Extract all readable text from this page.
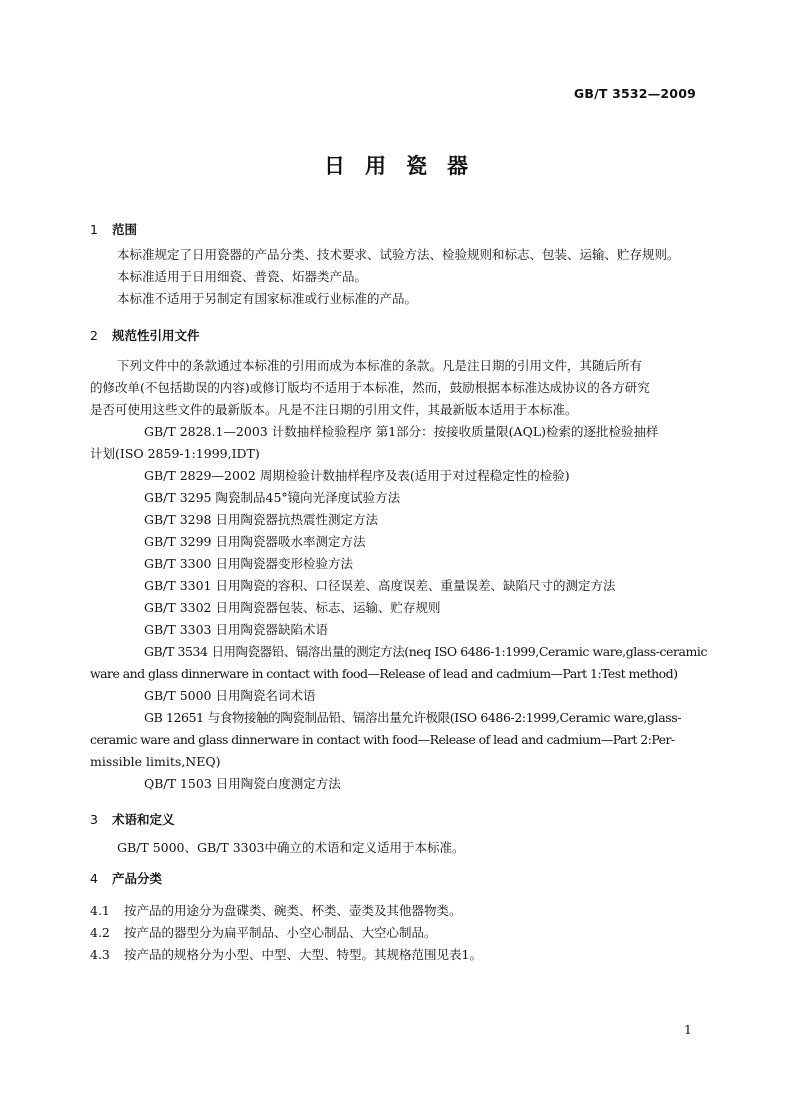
GB/T 3532—2009
日用瓷器
1 范围
本标准规定了日用瓷器的产品分类、技术要求、试验方法、检验规则和标志、包装、运输、贮存规则。
本标准适用于日用细瓷、普瓷、炻器类产品。
本标准不适用于另制定有国家标准或行业标准的产品。
2 规范性引用文件
下列文件中的条款通过本标准的引用而成为本标准的条款。凡是注日期的引用文件，其随后所有
的修改单(不包括勘误的内容)或修订版均不适用于本标准，然而，鼓励根据本标准达成协议的各方研究
是否可使用这些文件的最新版本。凡是不注日期的引用文件，其最新版本适用于本标准。
GB/T 2828.1—2003 计数抽样检验程序 第1部分：按接收质量限(AQL)检索的逐批检验抽样
计划(ISO 2859-1:1999,IDT)
GB/T 2829—2002 周期检验计数抽样程序及表(适用于对过程稳定性的检验)
GB/T 3295 陶瓷制品45°镜向光泽度试验方法
GB/T 3298 日用陶瓷器抗热震性测定方法
GB/T 3299 日用陶瓷器吸水率测定方法
GB/T 3300 日用陶瓷器变形检验方法
GB/T 3301 日用陶瓷的容积、口径误差、高度误差、重量误差、缺陷尺寸的测定方法
GB/T 3302 日用陶瓷器包装、标志、运输、贮存规则
GB/T 3303 日用陶瓷器缺陷术语
GB/T 3534 日用陶瓷器铅、镉溶出量的测定方法(neq ISO 6486-1:1999,Ceramic ware,glass-ceramic
ware and glass dinnerware in contact with food—Release of lead and cadmium—Part 1:Test method)
GB/T 5000 日用陶瓷名词术语
GB 12651 与食物接触的陶瓷制品铅、镉溶出量允许极限(ISO 6486-2:1999,Ceramic ware,glass-
ceramic ware and glass dinnerware in contact with food—Release of lead and cadmium—Part 2:Per-
missible limits,NEQ)
QB/T 1503 日用陶瓷白度测定方法
3 术语和定义
GB/T 5000、GB/T 3303中确立的术语和定义适用于本标准。
4 产品分类
4.1 按产品的用途分为盘碟类、碗类、杯类、壶类及其他器物类。
4.2 按产品的器型分为扁平制品、小空心制品、大空心制品。
4.3 按产品的规格分为小型、中型、大型、特型。其规格范围见表1。
1
